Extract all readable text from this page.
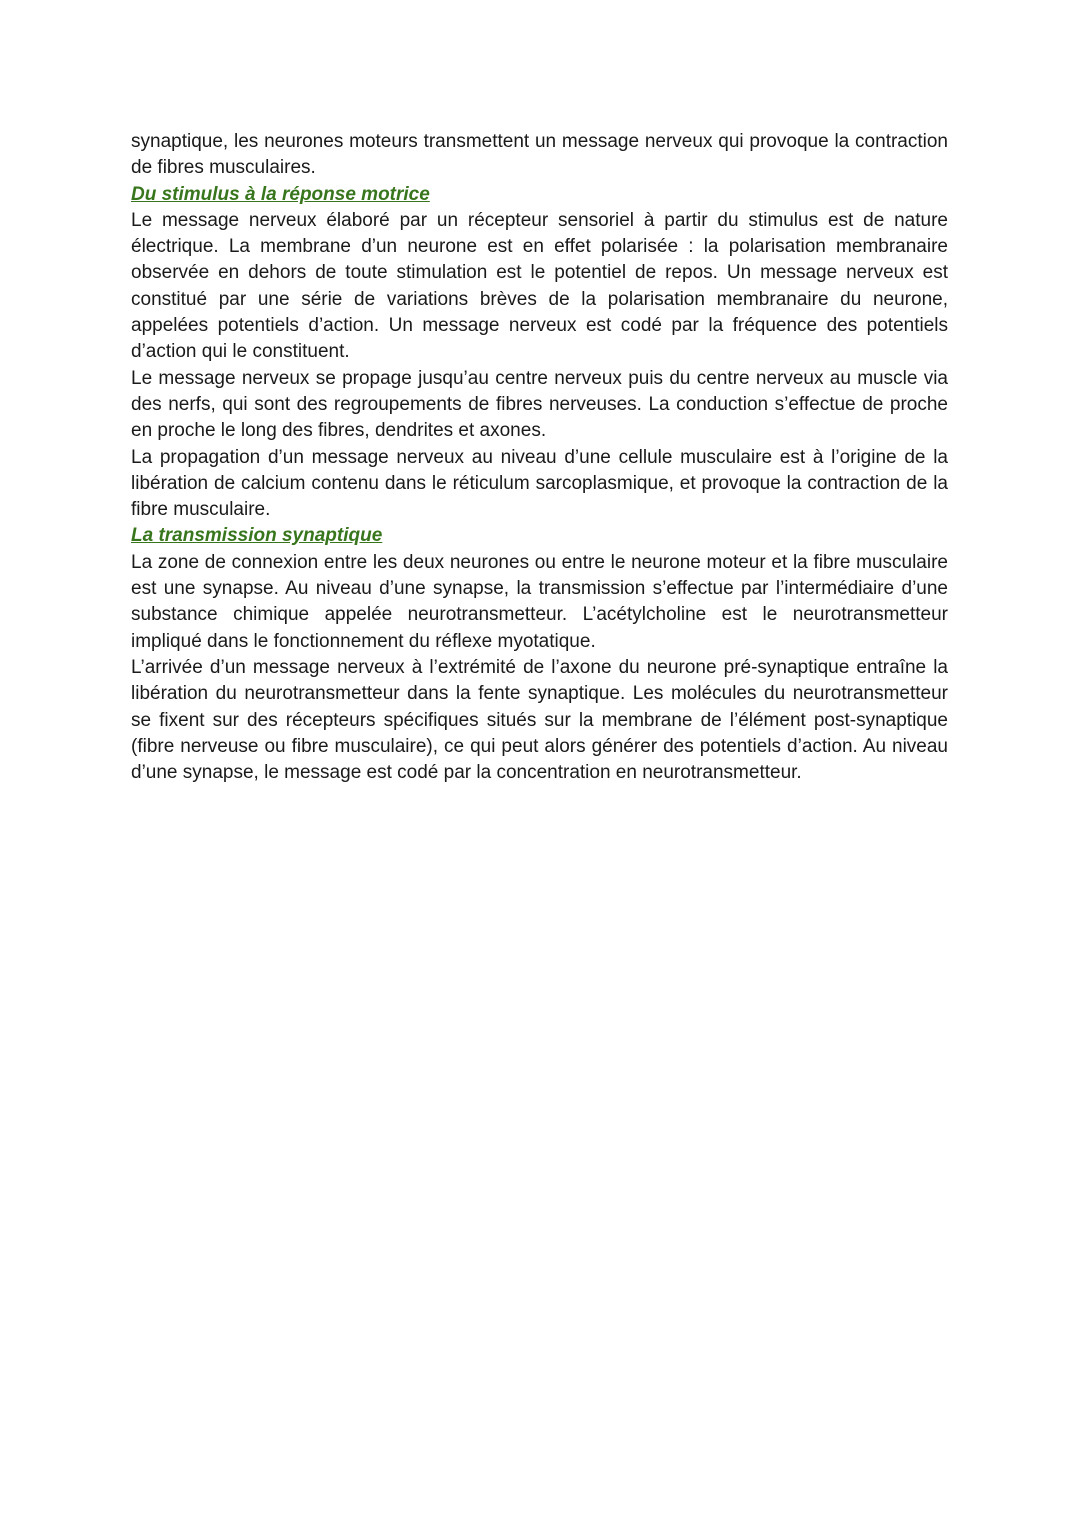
synaptique, les neurones moteurs transmettent un message nerveux qui provoque la contraction de fibres musculaires.

Du stimulus à la réponse motrice

Le message nerveux élaboré par un récepteur sensoriel à partir du stimulus est de nature électrique. La membrane d’un neurone est en effet polarisée : la polarisation membranaire observée en dehors de toute stimulation est le potentiel de repos. Un message nerveux est constitué par une série de variations brèves de la polarisation membranaire du neurone, appelées potentiels d’action. Un message nerveux est codé par la fréquence des potentiels d’action qui le constituent.

Le message nerveux se propage jusqu’au centre nerveux puis du centre nerveux au muscle via des nerfs, qui sont des regroupements de fibres nerveuses. La conduction s’effectue de proche en proche le long des fibres, dendrites et axones.

La propagation d’un message nerveux au niveau d’une cellule musculaire est à l’origine de la libération de calcium contenu dans le réticulum sarcoplasmique, et provoque la contraction de la fibre musculaire.

La transmission synaptique

La zone de connexion entre les deux neurones ou entre le neurone moteur et la fibre musculaire est une synapse. Au niveau d’une synapse, la transmission s’effectue par l’intermédiaire d’une substance chimique appelée neurotransmetteur. L’acétylcholine est le neurotransmetteur impliqué dans le fonctionnement du réflexe myotatique.

L’arrivée d’un message nerveux à l’extrémité de l’axone du neurone pré-synaptique entraîne la libération du neurotransmetteur dans la fente synaptique. Les molécules du neurotransmetteur se fixent sur des récepteurs spécifiques situés sur la membrane de l’élément post-synaptique (fibre nerveuse ou fibre musculaire), ce qui peut alors générer des potentiels d’action. Au niveau d’une synapse, le message est codé par la concentration en neurotransmetteur.
